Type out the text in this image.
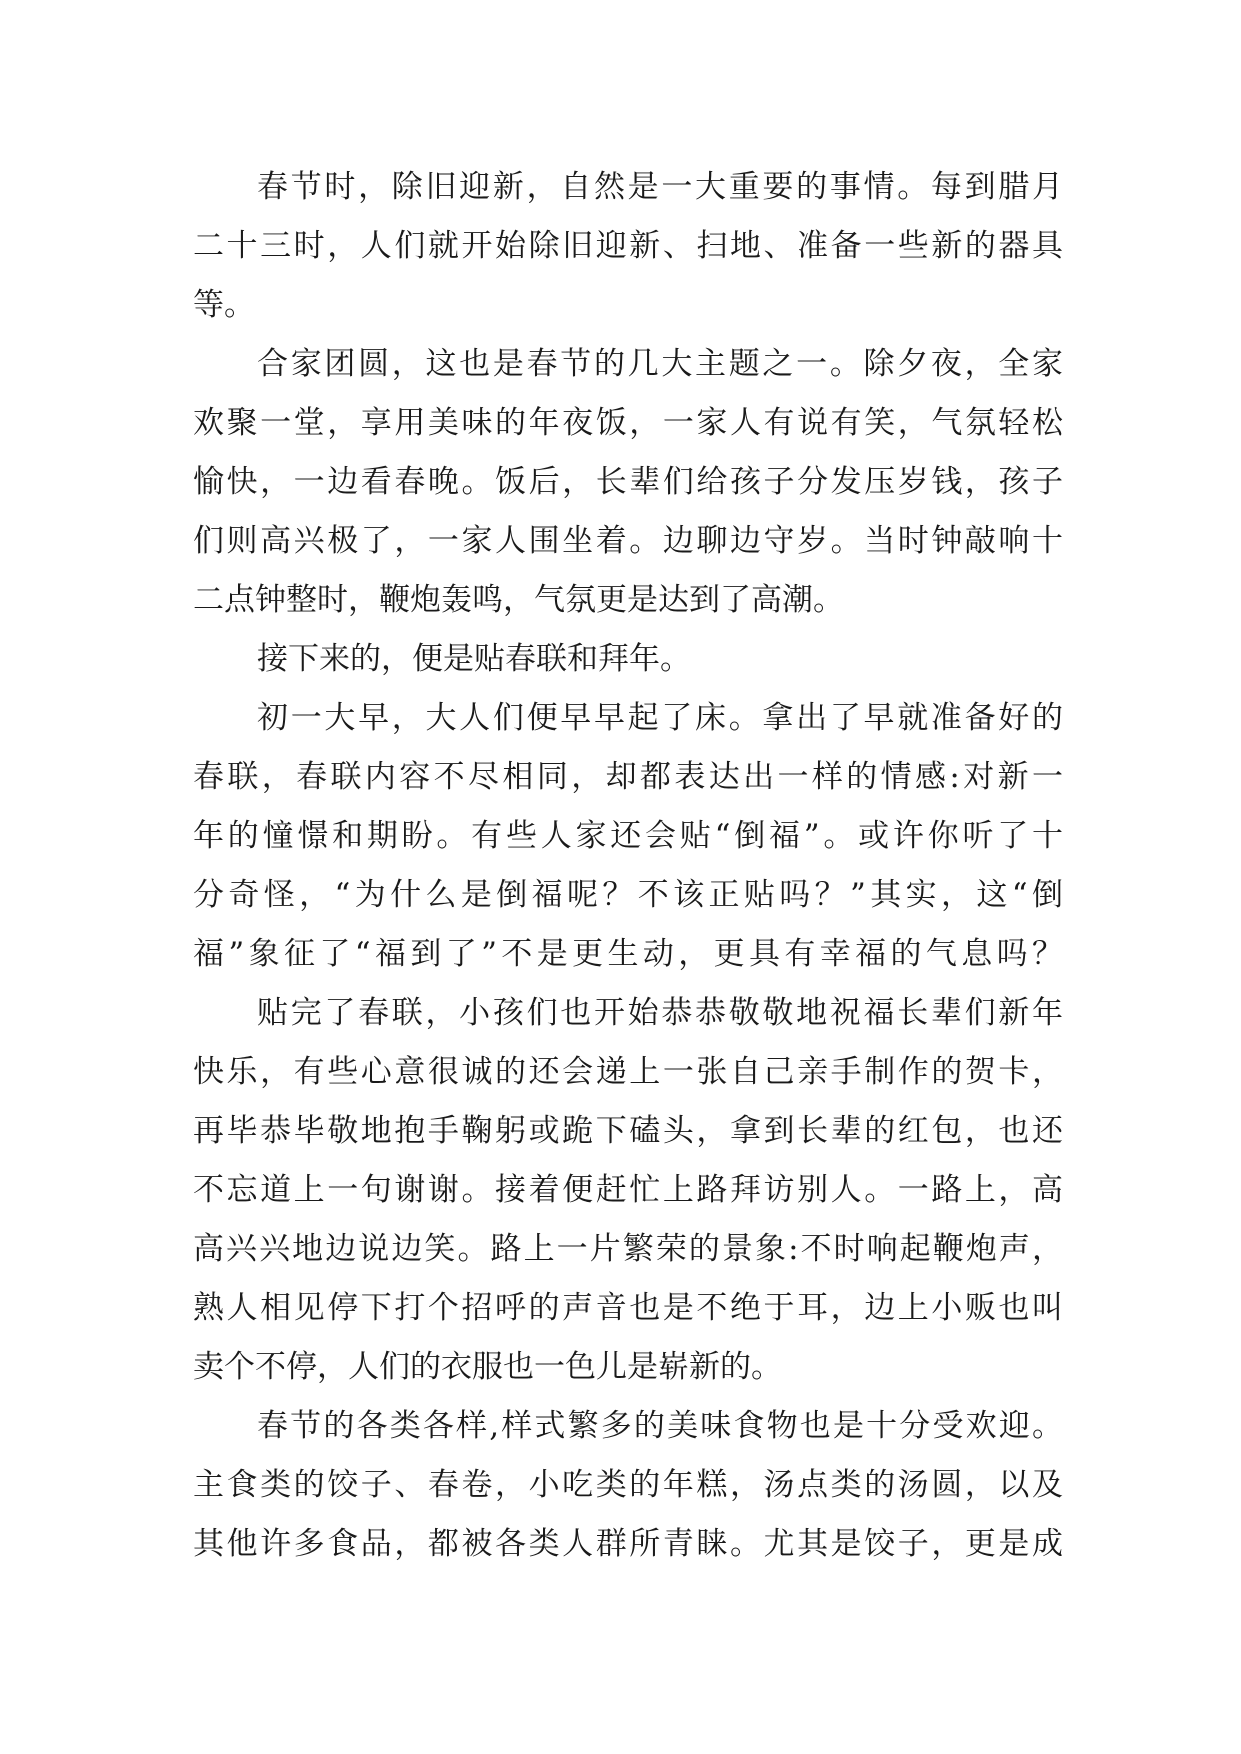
春节时，除旧迎新，自然是一大重要的事情。每到腊月
二十三时，人们就开始除旧迎新、扫地、准备一些新的器具
等。
合家团圆，这也是春节的几大主题之一。除夕夜，全家
欢聚一堂，享用美味的年夜饭，一家人有说有笑，气氛轻松
愉快，一边看春晚。饭后，长辈们给孩子分发压岁钱，孩子
们则高兴极了，一家人围坐着。边聊边守岁。当时钟敲响十
二点钟整时，鞭炮轰鸣，气氛更是达到了高潮。
接下来的，便是贴春联和拜年。
初一大早，大人们便早早起了床。拿出了早就准备好的
春联，春联内容不尽相同，却都表达出一样的情感:对新一
年的憧憬和期盼。有些人家还会贴“倒福”。或许你听了十
分奇怪，“为什么是倒福呢？不该正贴吗？”其实，这“倒
福”象征了“福到了”不是更生动，更具有幸福的气息吗？
贴完了春联，小孩们也开始恭恭敬敬地祝福长辈们新年
快乐，有些心意很诚的还会递上一张自己亲手制作的贺卡，
再毕恭毕敬地抱手鞠躬或跪下磕头，拿到长辈的红包，也还
不忘道上一句谢谢。接着便赶忙上路拜访别人。一路上，高
高兴兴地边说边笑。路上一片繁荣的景象:不时响起鞭炮声，
熟人相见停下打个招呼的声音也是不绝于耳，边上小贩也叫
卖个不停，人们的衣服也一色儿是崭新的。
春节的各类各样,样式繁多的美味食物也是十分受欢迎。
主食类的饺子、春卷，小吃类的年糕，汤点类的汤圆，以及
其他许多食品，都被各类人群所青睐。尤其是饺子，更是成
